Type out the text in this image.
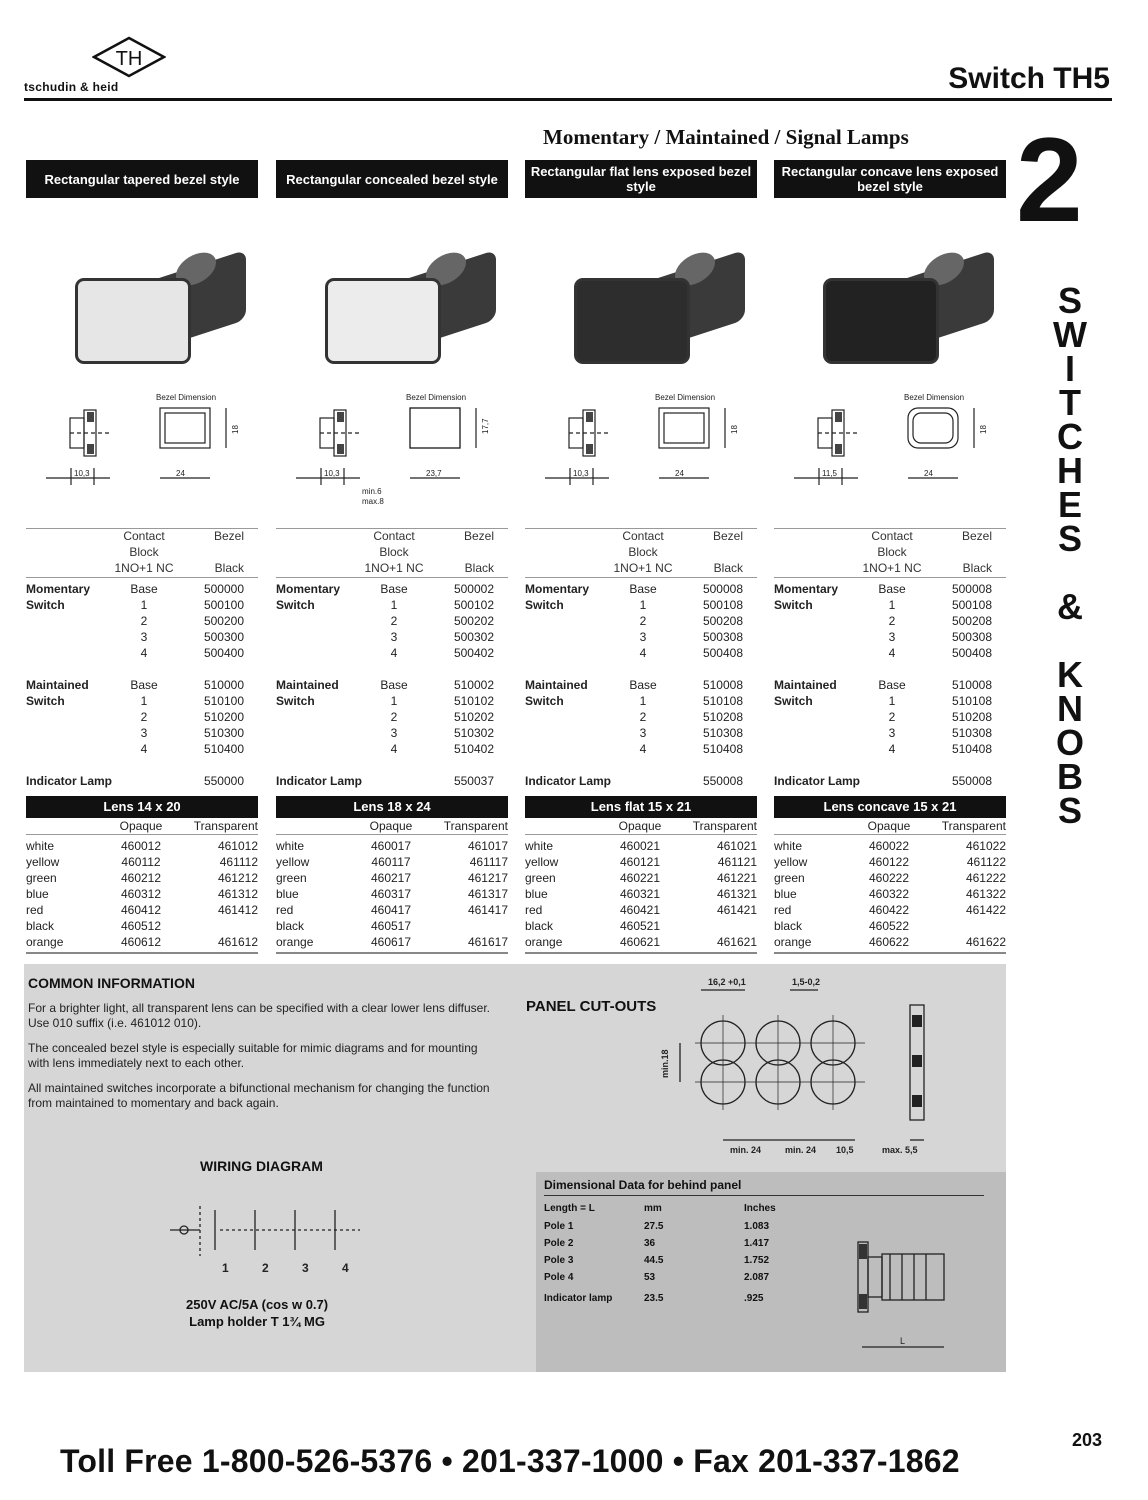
TH
tschudin & heid	Switch TH5
Momentary / Maintained / Signal Lamps 2
S
W
I
T
C
H
E
S

&

K
N
O
B
S
Rectangular tapered bezel style
Bezel Dimension
10,3	24
18
	Contact	Bezel
	Block	
	1NO+1 NC	Black

Momentary	Base	500000
Switch	1	500100
	2	500200
	3	500300
	4	500400

Maintained	Base	510000
Switch	1	510100
	2	510200
	3	510300
	4	510400

Indicator Lamp		550000
Lens 14 x 20
	Opaque	Transparent

white	460012	461012
yellow	460112	461112
green	460212	461212
blue	460312	461312
red	460412	461412
black	460512	
orange	460612	461612
Rectangular concealed bezel style
Bezel Dimension
10,3	23,7
17,7
min.6
max.8
	Contact	Bezel
	Block	
	1NO+1 NC	Black

Momentary	Base	500002
Switch	1	500102
	2	500202
	3	500302
	4	500402

Maintained	Base	510002
Switch	1	510102
	2	510202
	3	510302
	4	510402

Indicator Lamp		550037
Lens 18 x 24
	Opaque	Transparent

white	460017	461017
yellow	460117	461117
green	460217	461217
blue	460317	461317
red	460417	461417
black	460517	
orange	460617	461617
Rectangular flat lens exposed bezel style
Bezel Dimension
10,3	24
18
	Contact	Bezel
	Block	
	1NO+1 NC	Black

Momentary	Base	500008
Switch	1	500108
	2	500208
	3	500308
	4	500408

Maintained	Base	510008
Switch	1	510108
	2	510208
	3	510308
	4	510408

Indicator Lamp		550008
Lens flat 15 x 21
	Opaque	Transparent

white	460021	461021
yellow	460121	461121
green	460221	461221
blue	460321	461321
red	460421	461421
black	460521	
orange	460621	461621
Rectangular concave lens exposed bezel style
Bezel Dimension
11,5	24
18
	Contact	Bezel
	Block	
	1NO+1 NC	Black

Momentary	Base	500008
Switch	1	500108
	2	500208
	3	500308
	4	500408

Maintained	Base	510008
Switch	1	510108
	2	510208
	3	510308
	4	510408

Indicator Lamp		550008
Lens concave 15 x 21
	Opaque	Transparent

white	460022	461022
yellow	460122	461122
green	460222	461222
blue	460322	461322
red	460422	461422
black	460522	
orange	460622	461622
COMMON INFORMATION
For a brighter light, all transparent lens can be specified with a clear lower lens diffuser. Use 010 suffix (i.e. 461012 010).
The concealed bezel style is especially suitable for mimic diagrams and for mounting with lens immediately next to each other.
All maintained switches incorporate a bifunctional mechanism for changing the function from maintained to momentary and back again.
PANEL CUT-OUTS
16,2 +0,1	1,5-0,2
min.18
min. 24	min. 24 10,5	max. 5,5
WIRING DIAGRAM
1	2	3	4
250V AC/5A (cos w 0.7)
Lamp holder T 1¾ MG
Dimensional Data for behind panel
Length = L	mm	Inches
Pole 1	27.5	1.083
Pole 2	36	1.417
Pole 3	44.5	1.752
Pole 4	53	2.087
Indicator lamp	23.5	.925
L
Toll Free 1-800-526-5376 • 201-337-1000 • Fax 201-337-1862
203
